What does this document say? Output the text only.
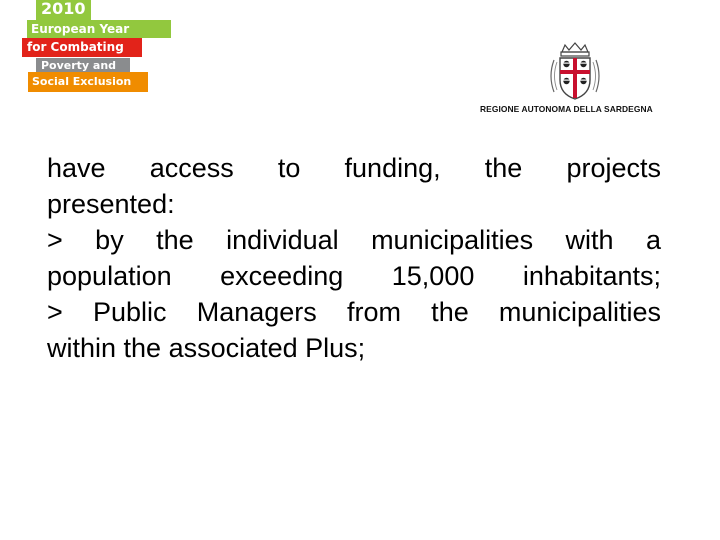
2010
European Year
for Combating
Poverty and
Social Exclusion
REGIONE AUTONOMA DELLA SARDEGNA
have access to funding, the projects
presented:
> by the individual municipalities with a
population exceeding 15,000 inhabitants;
> Public Managers from the municipalities
within the associated Plus;
